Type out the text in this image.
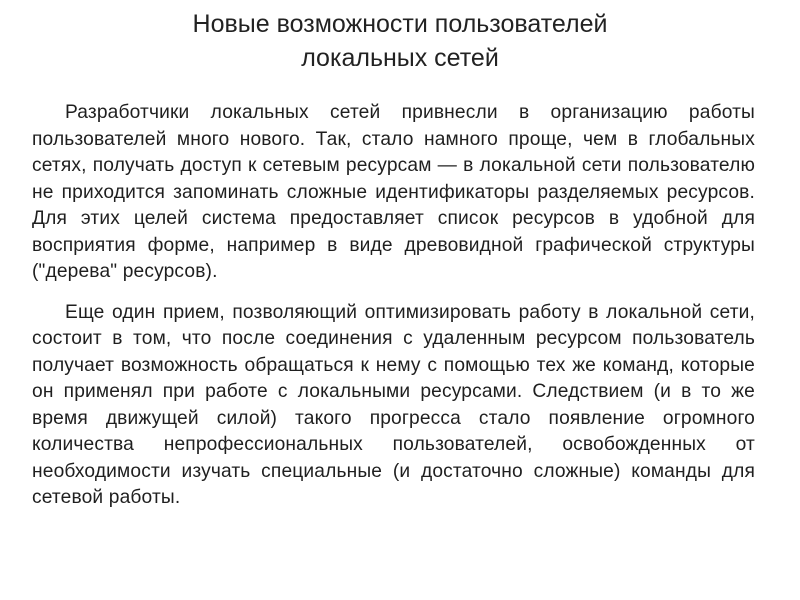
Новые возможности пользователей
локальных сетей

Разработчики локальных сетей привнесли в организацию работы пользователей много нового. Так, стало намного проще, чем в глобальных сетях, получать доступ к сетевым ресурсам — в локальной сети пользователю не приходится запоминать сложные идентификаторы разделяемых ресурсов. Для этих целей система предоставляет список ресурсов в удобной для восприятия форме, например в виде древовидной графической структуры ("дерева" ресурсов).

Еще один прием, позволяющий оптимизировать работу в локальной сети, состоит в том, что после соединения с удаленным ресурсом пользователь получает возможность обращаться к нему с помощью тех же команд, которые он применял при работе с локальными ресурсами. Следствием (и в то же время движущей силой) такого прогресса стало появление огромного количества непрофессиональных пользователей, освобожденных от необходимости изучать специальные (и достаточно сложные) команды для сетевой работы.
